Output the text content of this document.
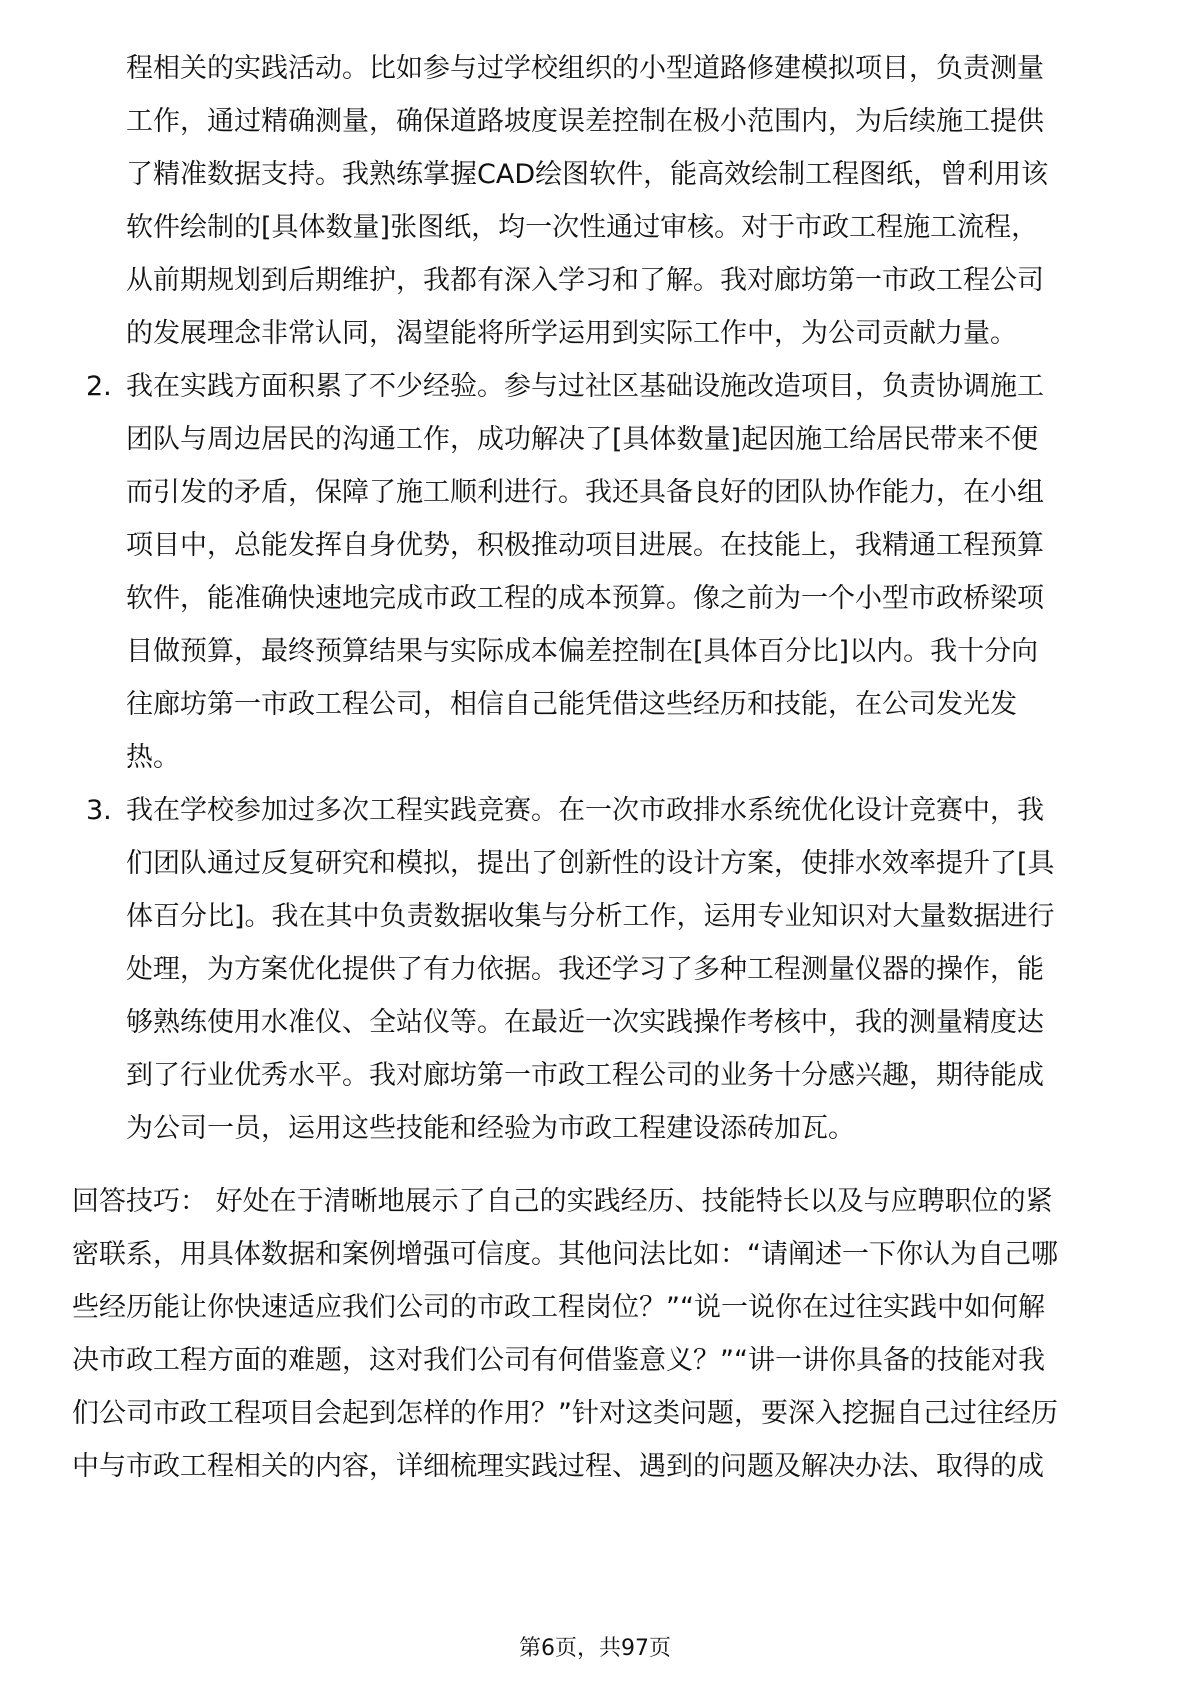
程相关的实践活动。比如参与过学校组织的小型道路修建模拟项目，负责测量
工作，通过精确测量，确保道路坡度误差控制在极小范围内，为后续施工提供
了精准数据支持。我熟练掌握CAD绘图软件，能高效绘制工程图纸，曾利用该
软件绘制的[具体数量]张图纸，均一次性通过审核。对于市政工程施工流程，
从前期规划到后期维护，我都有深入学习和了解。我对廊坊第一市政工程公司
的发展理念非常认同，渴望能将所学运用到实际工作中，为公司贡献力量。
2. 我在实践方面积累了不少经验。参与过社区基础设施改造项目，负责协调施工
团队与周边居民的沟通工作，成功解决了[具体数量]起因施工给居民带来不便
而引发的矛盾，保障了施工顺利进行。我还具备良好的团队协作能力，在小组
项目中，总能发挥自身优势，积极推动项目进展。在技能上，我精通工程预算
软件，能准确快速地完成市政工程的成本预算。像之前为一个小型市政桥梁项
目做预算，最终预算结果与实际成本偏差控制在[具体百分比]以内。我十分向
往廊坊第一市政工程公司，相信自己能凭借这些经历和技能，在公司发光发
热。
3. 我在学校参加过多次工程实践竞赛。在一次市政排水系统优化设计竞赛中，我
们团队通过反复研究和模拟，提出了创新性的设计方案，使排水效率提升了[具
体百分比]。我在其中负责数据收集与分析工作，运用专业知识对大量数据进行
处理，为方案优化提供了有力依据。我还学习了多种工程测量仪器的操作，能
够熟练使用水准仪、全站仪等。在最近一次实践操作考核中，我的测量精度达
到了行业优秀水平。我对廊坊第一市政工程公司的业务十分感兴趣，期待能成
为公司一员，运用这些技能和经验为市政工程建设添砖加瓦。
回答技巧： 好处在于清晰地展示了自己的实践经历、技能特长以及与应聘职位的紧
密联系，用具体数据和案例增强可信度。其他问法比如：“请阐述一下你认为自己哪
些经历能让你快速适应我们公司的市政工程岗位？”“说一说你在过往实践中如何解
决市政工程方面的难题，这对我们公司有何借鉴意义？”“讲一讲你具备的技能对我
们公司市政工程项目会起到怎样的作用？”针对这类问题，要深入挖掘自己过往经历
中与市政工程相关的内容，详细梳理实践过程、遇到的问题及解决办法、取得的成
第6页，共97页
